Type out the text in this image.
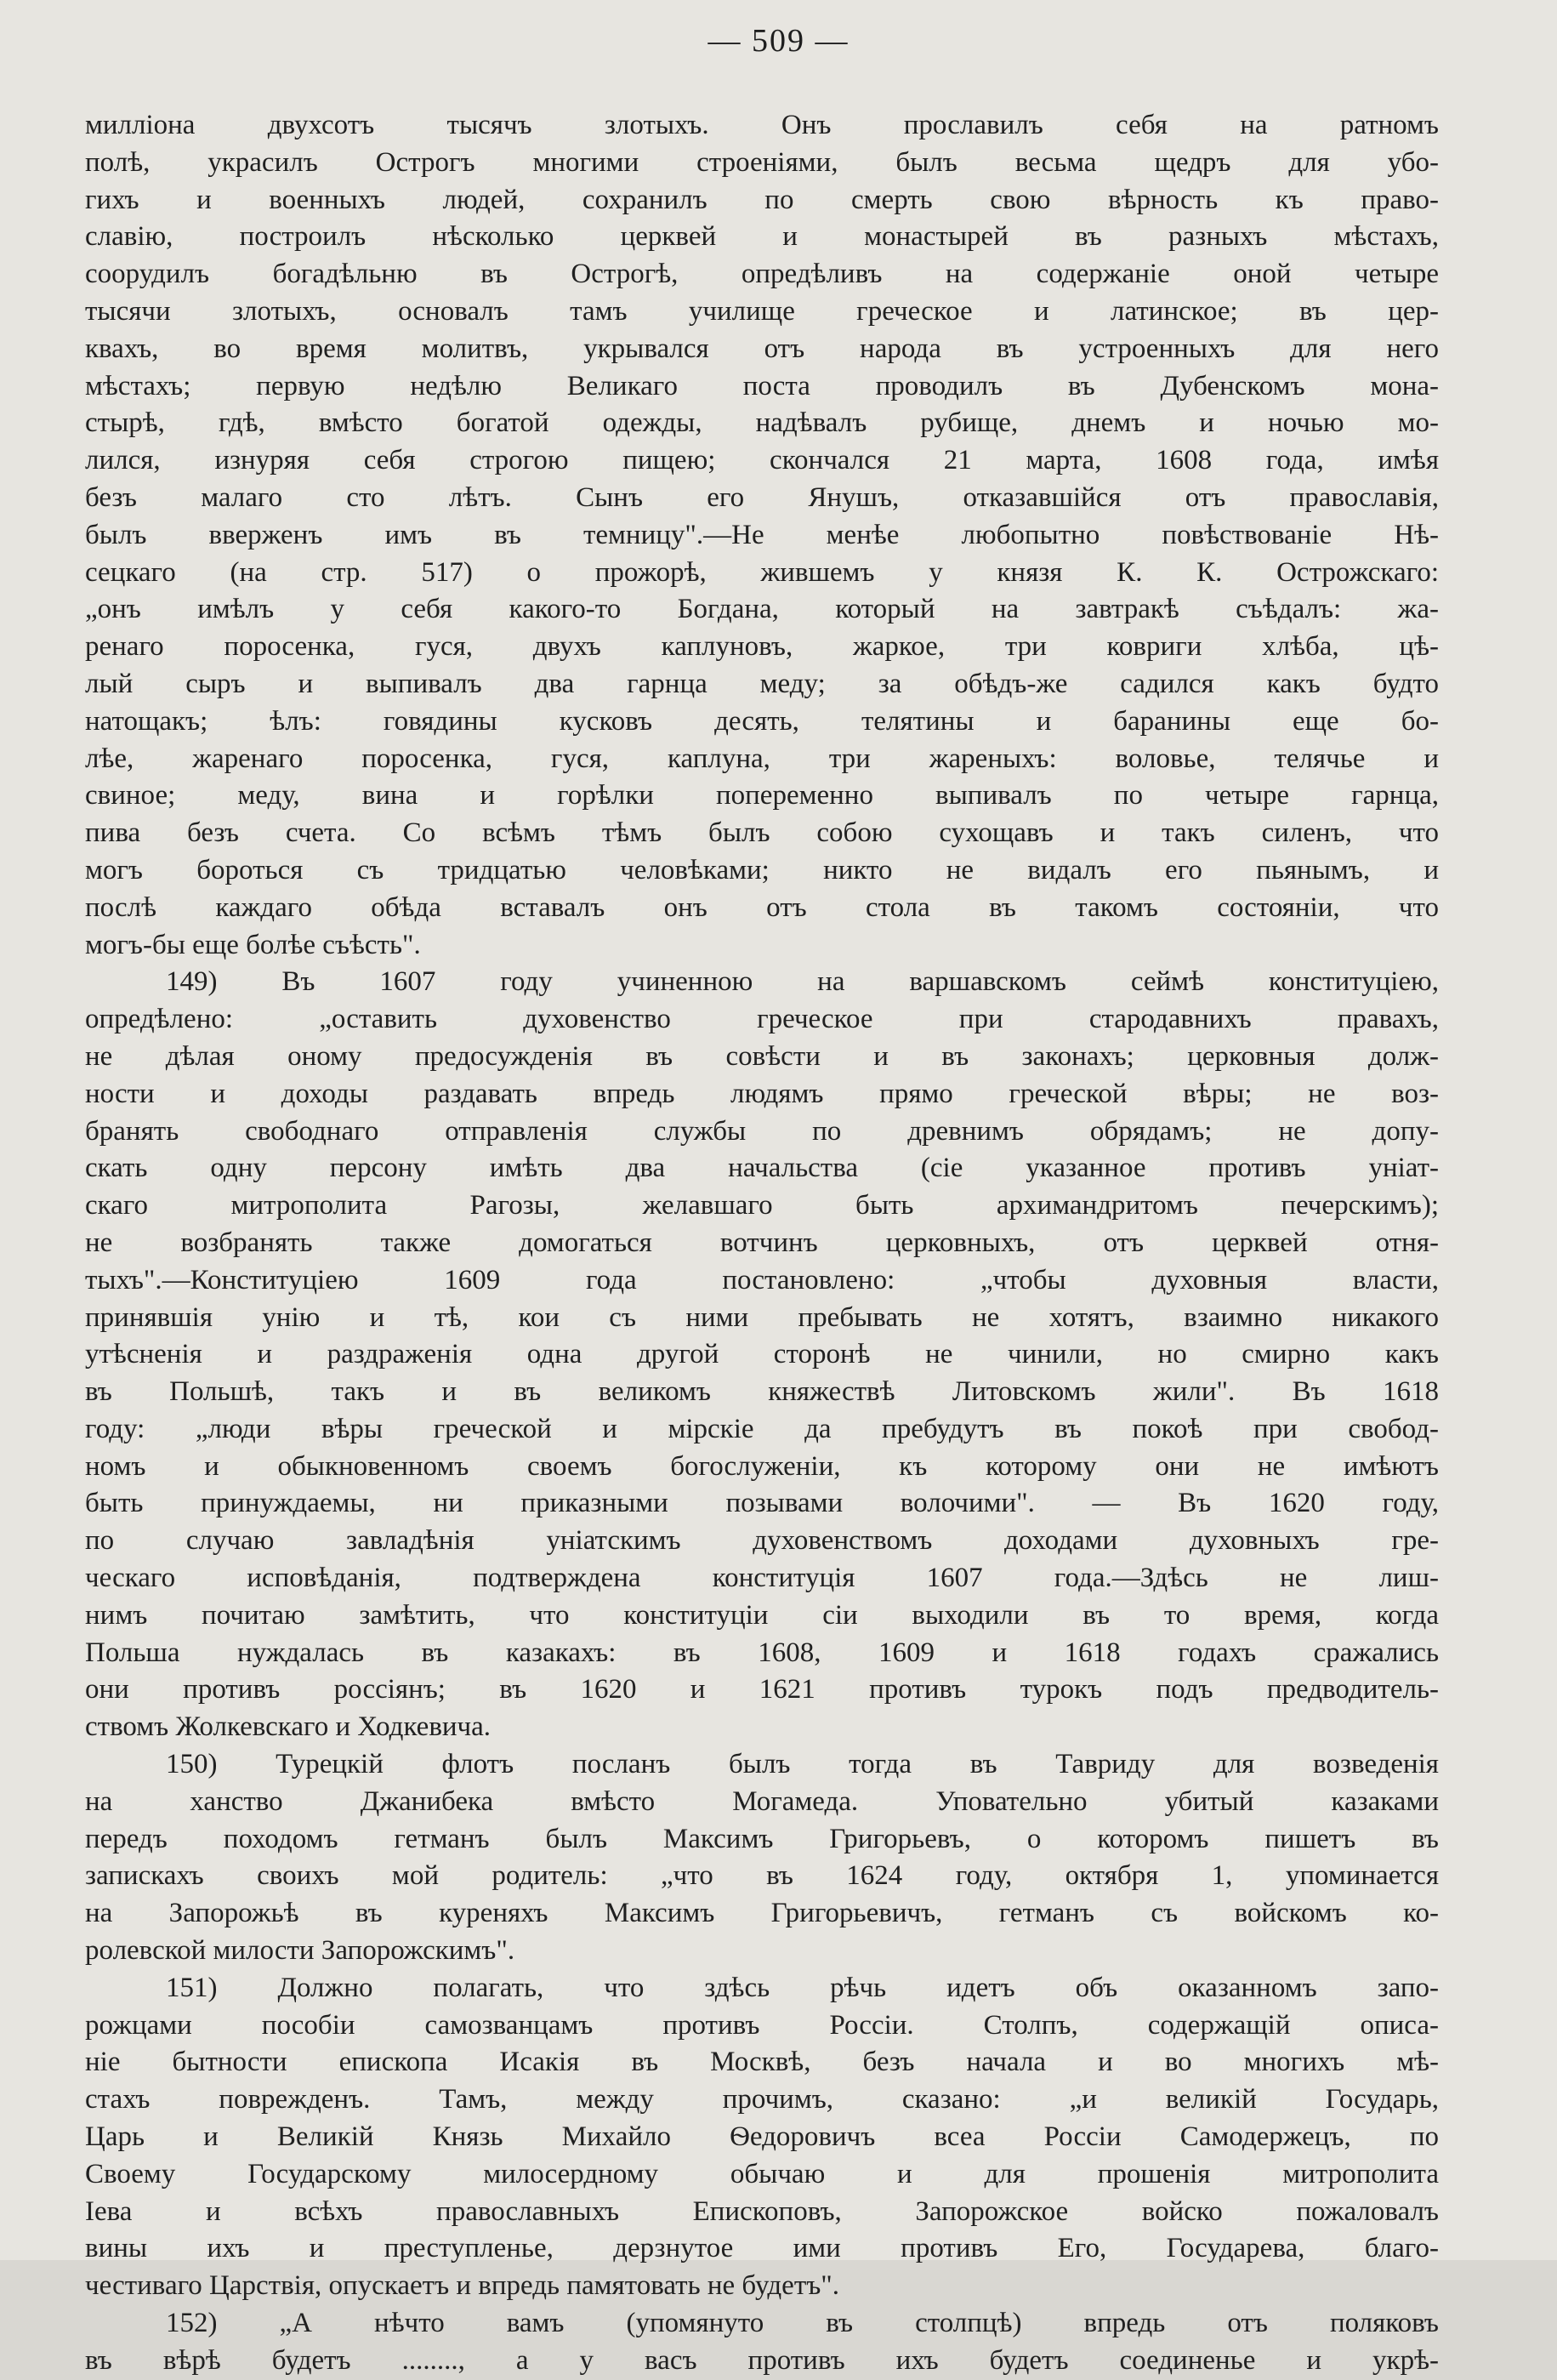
— 509 —
милліона двухсотъ тысячъ злотыхъ. Онъ прославилъ себя на ратномъ
полѣ, украсилъ Острогъ многими строеніями, былъ весьма щедръ для убо-
гихъ и военныхъ людей, сохранилъ по смерть свою вѣрность къ право-
славію, построилъ нѣсколько церквей и монастырей въ разныхъ мѣстахъ,
соорудилъ богадѣльню въ Острогѣ, опредѣливъ на содержаніе оной четыре
тысячи злотыхъ, основалъ тамъ училище греческое и латинское; въ цер-
квахъ, во время молитвъ, укрывался отъ народа въ устроенныхъ для него
мѣстахъ; первую недѣлю Великаго поста проводилъ въ Дубенскомъ мона-
стырѣ, гдѣ, вмѣсто богатой одежды, надѣвалъ рубище, днемъ и ночью мо-
лился, изнуряя себя строгою пищею; скончался 21 марта, 1608 года, имѣя
безъ малаго сто лѣтъ. Сынъ его Янушъ, отказавшійся отъ православія,
былъ вверженъ имъ въ темницу".—Не менѣе любопытно повѣствованіе Нѣ-
сецкаго (на стр. 517) о прожорѣ, жившемъ у князя К. К. Острожскаго:
„онъ имѣлъ у себя какого-то Богдана, который на завтракѣ съѣдалъ: жа-
ренаго поросенка, гуся, двухъ каплуновъ, жаркое, три ковриги хлѣба, цѣ-
лый сыръ и выпивалъ два гарнца меду; за обѣдъ-же садился какъ будто
натощакъ; ѣлъ: говядины кусковъ десять, телятины и баранины еще бо-
лѣе, жаренаго поросенка, гуся, каплуна, три жареныхъ: воловье, телячье и
свиное; меду, вина и горѣлки попеременно выпивалъ по четыре гарнца,
пива безъ счета. Со всѣмъ тѣмъ былъ собою сухощавъ и такъ силенъ, что
могъ бороться съ тридцатью человѣками; никто не видалъ его пьянымъ, и
послѣ каждаго обѣда вставалъ онъ отъ стола въ такомъ состояніи, что
могъ-бы еще болѣе съѣсть".
149) Въ 1607 году учиненною на варшавскомъ сеймѣ конституціею,
опредѣлено: „оставить духовенство греческое при стародавнихъ правахъ,
не дѣлая оному предосужденія въ совѣсти и въ законахъ; церковныя долж-
ности и доходы раздавать впредь людямъ прямо греческой вѣры; не воз-
бранять свободнаго отправленія службы по древнимъ обрядамъ; не допу-
скать одну персону имѣть два начальства (сіе указанное противъ уніат-
скаго митрополита Рагозы, желавшаго быть архимандритомъ печерскимъ);
не возбранять также домогаться вотчинъ церковныхъ, отъ церквей отня-
тыхъ".—Конституціею 1609 года постановлено: „чтобы духовныя власти,
принявшія унію и тѣ, кои съ ними пребывать не хотятъ, взаимно никакого
утѣсненія и раздраженія одна другой сторонѣ не чинили, но смирно какъ
въ Польшѣ, такъ и въ великомъ княжествѣ Литовскомъ жили". Въ 1618
году: „люди вѣры греческой и мірскіе да пребудутъ въ покоѣ при свобод-
номъ и обыкновенномъ своемъ богослуженіи, къ которому они не имѣютъ
быть принуждаемы, ни приказными позывами волочими". — Въ 1620 году,
по случаю завладѣнія уніатскимъ духовенствомъ доходами духовныхъ гре-
ческаго исповѣданія, подтверждена конституція 1607 года.—Здѣсь не лиш-
нимъ почитаю замѣтить, что конституціи сіи выходили въ то время, когда
Польша нуждалась въ казакахъ: въ 1608, 1609 и 1618 годахъ сражались
они противъ россіянъ; въ 1620 и 1621 противъ турокъ подъ предводитель-
ствомъ Жолкевскаго и Ходкевича.
150) Турецкій флотъ посланъ былъ тогда въ Тавриду для возведенія
на ханство Джанибека вмѣсто Могамеда. Уповательно убитый казаками
передъ походомъ гетманъ былъ Максимъ Григорьевъ, о которомъ пишетъ въ
запискахъ своихъ мой родитель: „что въ 1624 году, октября 1, упоминается
на Запорожьѣ въ куреняхъ Максимъ Григорьевичъ, гетманъ съ войскомъ ко-
ролевской милости Запорожскимъ".
151) Должно полагать, что здѣсь рѣчь идетъ объ оказанномъ запо-
рожцами пособіи самозванцамъ противъ Россіи. Столпъ, содержащій описа-
ніе бытности епископа Исакія въ Москвѣ, безъ начала и во многихъ мѣ-
стахъ поврежденъ. Тамъ, между прочимъ, сказано: „и великій Государь,
Царь и Великій Князь Михайло Ѳедоровичъ всеа Россіи Самодержецъ, по
Своему Государскому милосердному обычаю и для прошенія митрополита
Іева и всѣхъ православныхъ Епископовъ, Запорожское войско пожаловалъ
вины ихъ и преступленье, дерзнутое ими противъ Его, Государева, благо-
честиваго Царствія, опускаетъ и впредь памятовать не будетъ".
152) „А нѣчто вамъ (упомянуто въ столпцѣ) впредь отъ поляковъ
въ вѣрѣ будетъ ........, а у васъ противъ ихъ будетъ соединенье и укрѣ-
